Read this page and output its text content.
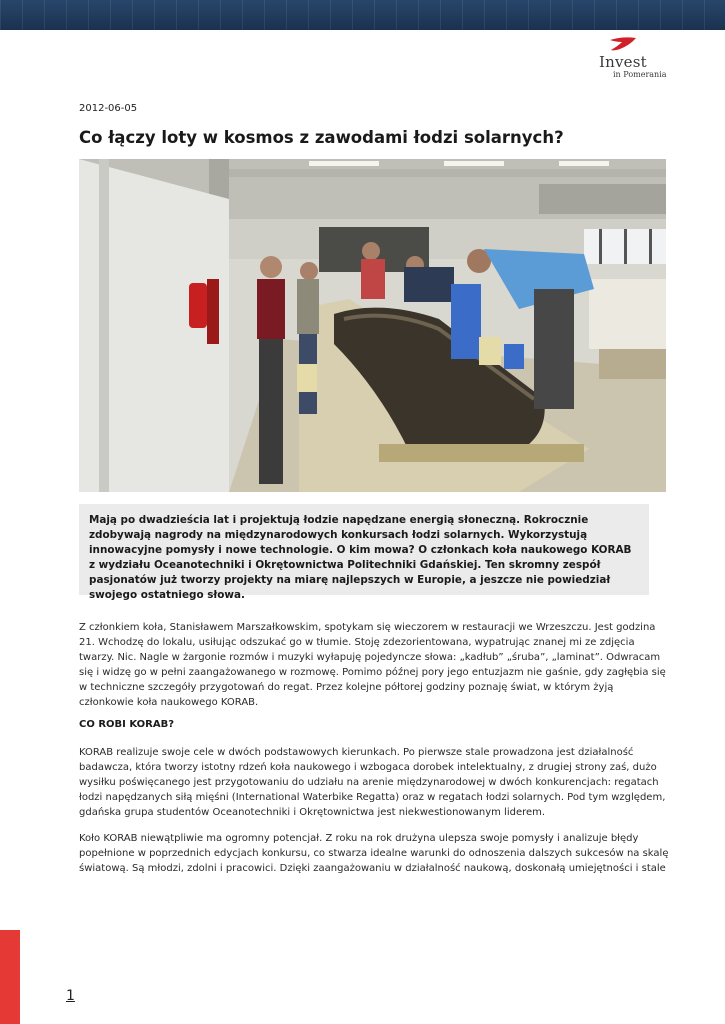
Invest
in Pomerania
2012-06-05
Co łączy loty w kosmos z zawodami łodzi solarnych?

Mają po dwadzieścia lat i projektują łodzie napędzane energią słoneczną. Rokrocznie zdobywają nagrody na międzynarodowych konkursach łodzi solarnych. Wykorzystują innowacyjne pomysły i nowe technologie. O kim mowa? O członkach koła naukowego KORAB z wydziału Oceanotechniki i Okrętownictwa Politechniki Gdańskiej. Ten skromny zespół pasjonatów już tworzy projekty na miarę najlepszych w Europie, a jeszcze nie powiedział swojego ostatniego słowa.

Z członkiem koła, Stanisławem Marszałkowskim, spotykam się wieczorem w restauracji we Wrzeszczu. Jest godzina 21. Wchodzę do lokalu, usiłując odszukać go w tłumie. Stoję zdezorientowana, wypatrując znanej mi ze zdjęcia twarzy. Nic. Nagle w żargonie rozmów i muzyki wyłapuję pojedyncze słowa: „kadłub” „śruba”, „laminat”. Odwracam się i widzę go w pełni zaangażowanego w rozmowę. Pomimo późnej pory jego entuzjazm nie gaśnie, gdy zagłębia się w techniczne szczegóły przygotowań do regat. Przez kolejne półtorej godziny poznaję świat, w którym żyją członkowie koła naukowego KORAB.

CO ROBI KORAB?

KORAB realizuje swoje cele w dwóch podstawowych kierunkach. Po pierwsze stale prowadzona jest działalność badawcza, która tworzy istotny rdzeń koła naukowego i wzbogaca dorobek intelektualny, z drugiej strony zaś, dużo wysiłku poświęcanego jest przygotowaniu do udziału na arenie międzynarodowej w dwóch konkurencjach: regatach łodzi napędzanych siłą mięśni (International Waterbike Regatta) oraz w regatach łodzi solarnych. Pod tym względem, gdańska grupa studentów Oceanotechniki i Okrętownictwa jest niekwestionowanym liderem.

Koło KORAB niewątpliwie ma ogromny potencjał. Z roku na rok drużyna ulepsza swoje pomysły i analizuje błędy popełnione w poprzednich edycjach konkursu, co stwarza idealne warunki do odnoszenia dalszych sukcesów na skalę światową. Są młodzi, zdolni i pracowici. Dzięki zaangażowaniu w działalność naukową, doskonałą umiejętności i stale

1
